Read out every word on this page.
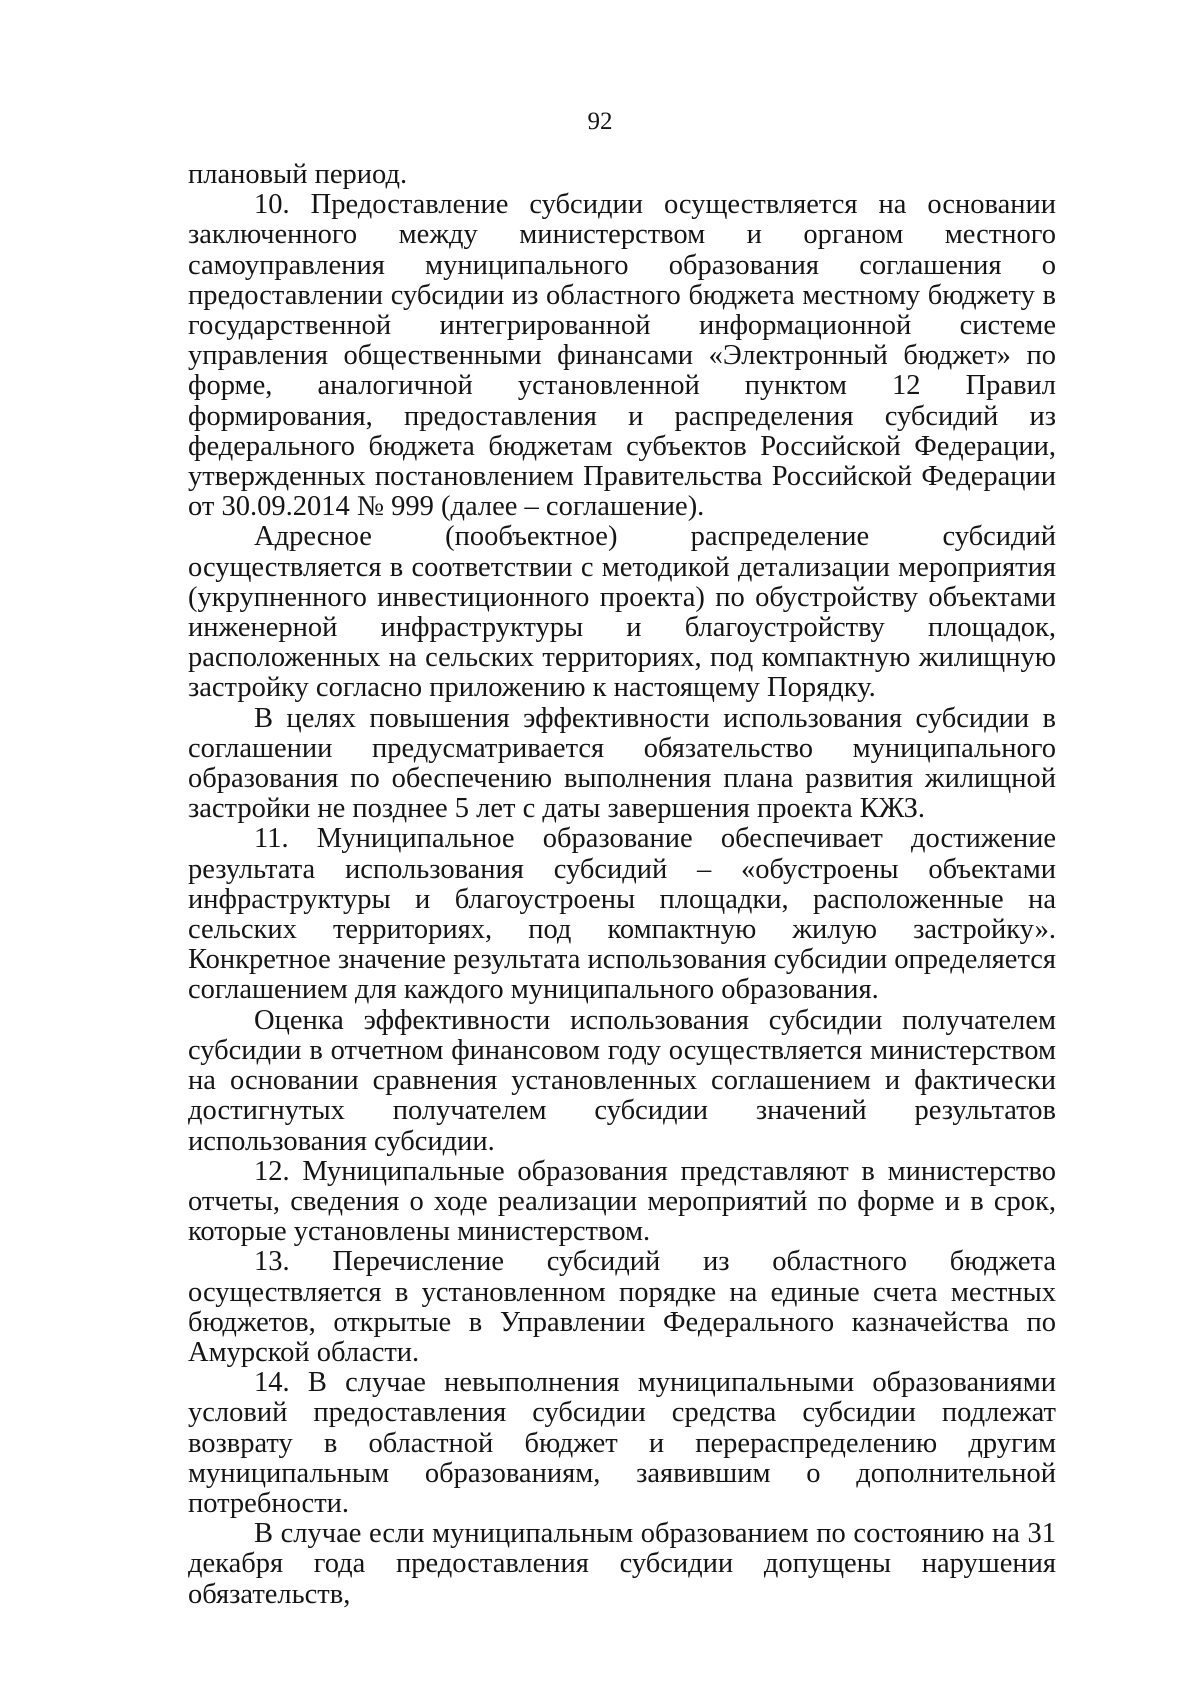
92

плановый период.

10. Предоставление субсидии осуществляется на основании заключенного между министерством и органом местного самоуправления муниципального образования соглашения о предоставлении субсидии из областного бюджета местному бюджету в государственной интегрированной информационной системе управления общественными финансами «Электронный бюджет» по форме, аналогичной установленной пунктом 12 Правил формирования, предоставления и распределения субсидий из федерального бюджета бюджетам субъектов Российской Федерации, утвержденных постановлением Правительства Российской Федерации от 30.09.2014 № 999 (далее – соглашение).

Адресное (пообъектное) распределение субсидий осуществляется в соответствии с методикой детализации мероприятия (укрупненного инвестиционного проекта) по обустройству объектами инженерной инфраструктуры и благоустройству площадок, расположенных на сельских территориях, под компактную жилищную застройку согласно приложению к настоящему Порядку.

В целях повышения эффективности использования субсидии в соглашении предусматривается обязательство муниципального образования по обеспечению выполнения плана развития жилищной застройки не позднее 5 лет с даты завершения проекта КЖЗ.

11. Муниципальное образование обеспечивает достижение результата использования субсидий – «обустроены объектами инфраструктуры и благоустроены площадки, расположенные на сельских территориях, под компактную жилую застройку». Конкретное значение результата использования субсидии определяется соглашением для каждого муниципального образования.

Оценка эффективности использования субсидии получателем субсидии в отчетном финансовом году осуществляется министерством на основании сравнения установленных соглашением и фактически достигнутых получателем субсидии значений результатов использования субсидии.

12. Муниципальные образования представляют в министерство отчеты, сведения о ходе реализации мероприятий по форме и в срок, которые установлены министерством.

13. Перечисление субсидий из областного бюджета осуществляется в установленном порядке на единые счета местных бюджетов, открытые в Управлении Федерального казначейства по Амурской области.

14. В случае невыполнения муниципальными образованиями условий предоставления субсидии средства субсидии подлежат возврату в областной бюджет и перераспределению другим муниципальным образованиям, заявившим о дополнительной потребности.

В случае если муниципальным образованием по состоянию на 31 декабря года предоставления субсидии допущены нарушения обязательств,
